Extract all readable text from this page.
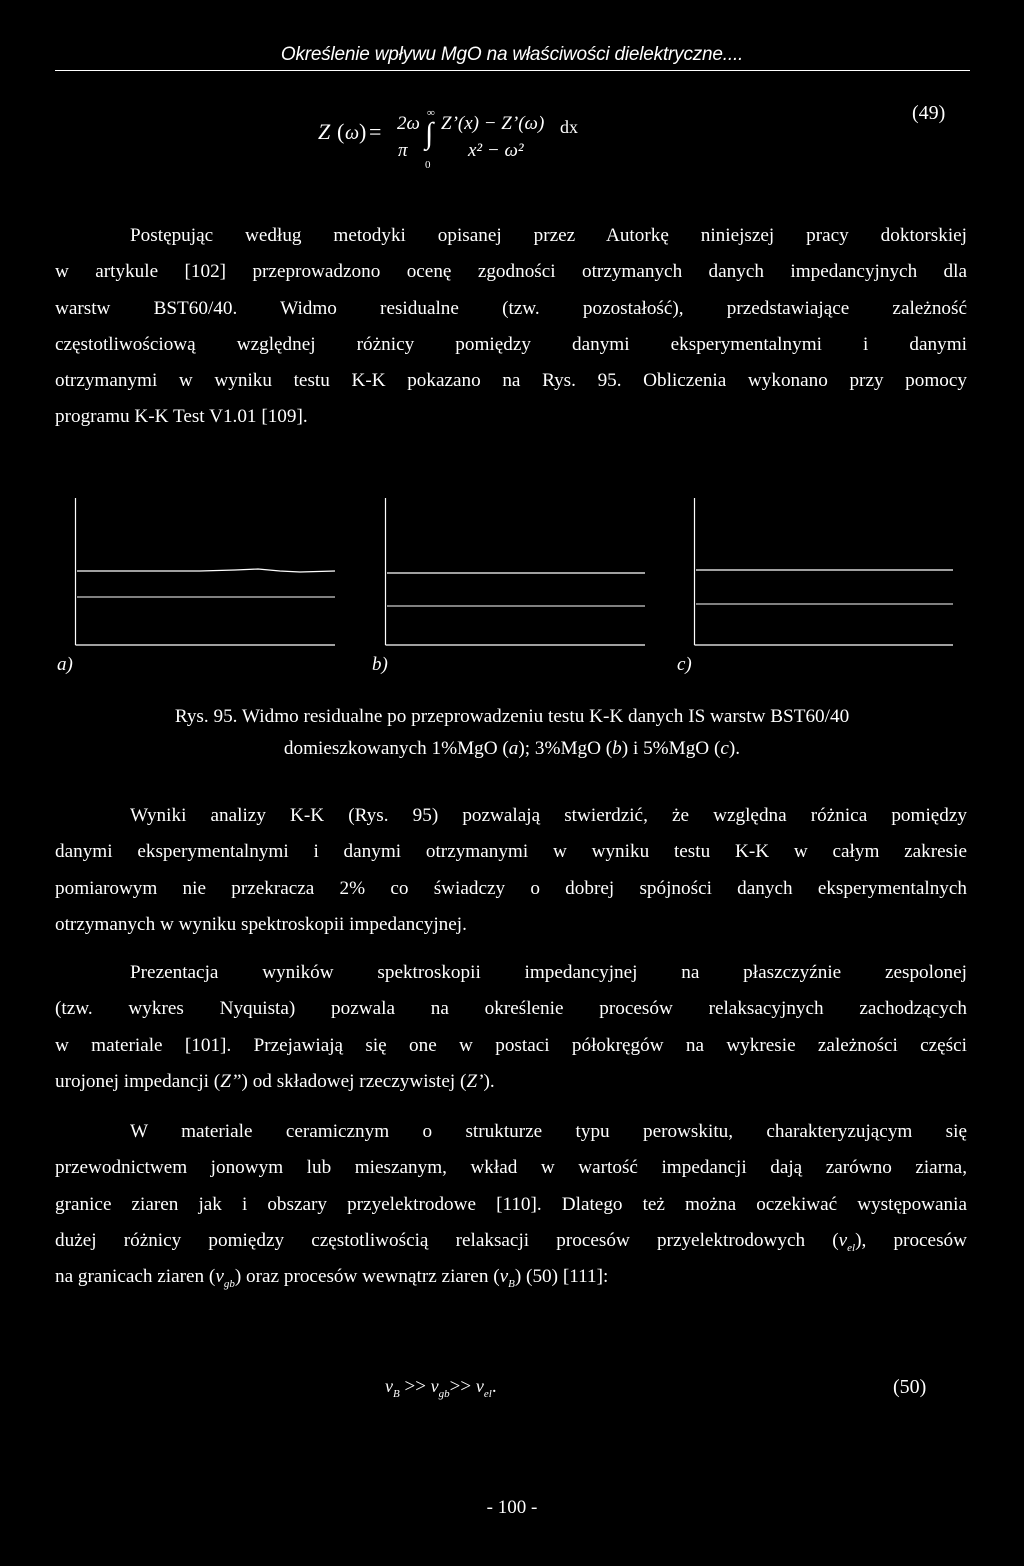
Określenie wpływu MgO na właściwości dielektryczne....
Z ( ω ) = 2ω
π
∞
∫
0
Z’(x) − Z’(ω) dx
x² − ω²
(49)
Postępując według metodyki opisanej przez Autorkę niniejszej pracy doktorskiej
w artykule [102] przeprowadzono ocenę zgodności otrzymanych danych impedancyjnych dla
warstw BST60/40. Widmo residualne (tzw. pozostałość), przedstawiające zależność
częstotliwościową względnej różnicy pomiędzy danymi eksperymentalnymi i danymi
otrzymanymi w wyniku testu K-K pokazano na Rys. 95. Obliczenia wykonano przy pomocy
programu K-K Test V1.01 [109].
a)	b)	c)
Rys. 95. Widmo residualne po przeprowadzeniu testu K-K danych IS warstw BST60/40
domieszkowanych 1%MgO (a); 3%MgO (b) i 5%MgO (c).
Wyniki analizy K-K (Rys. 95) pozwalają stwierdzić, że względna różnica pomiędzy
danymi eksperymentalnymi i danymi otrzymanymi w wyniku testu K-K w całym zakresie
pomiarowym nie przekracza 2% co świadczy o dobrej spójności danych eksperymentalnych
otrzymanych w wyniku spektroskopii impedancyjnej.
Prezentacja wyników spektroskopii impedancyjnej na płaszczyźnie zespolonej
(tzw. wykres Nyquista) pozwala na określenie procesów relaksacyjnych zachodzących
w materiale [101]. Przejawiają się one w postaci półokręgów na wykresie zależności części
urojonej impedancji (Z”) od składowej rzeczywistej (Z’).
W materiale ceramicznym o strukturze typu perowskitu, charakteryzującym się
przewodnictwem jonowym lub mieszanym, wkład w wartość impedancji dają zarówno ziarna,
granice ziaren jak i obszary przyelektrodowe [110]. Dlatego też można oczekiwać występowania
dużej różnicy pomiędzy częstotliwością relaksacji procesów przyelektrodowych $(\nu_{el})$, procesów
na granicach ziaren $(\nu_{gb})$ oraz procesów wewnątrz ziaren $(\nu_B)$ (50) [111]:
$\nu_B >> \nu_{gb}>> \nu_{el}$.	(50)
- 100 -
